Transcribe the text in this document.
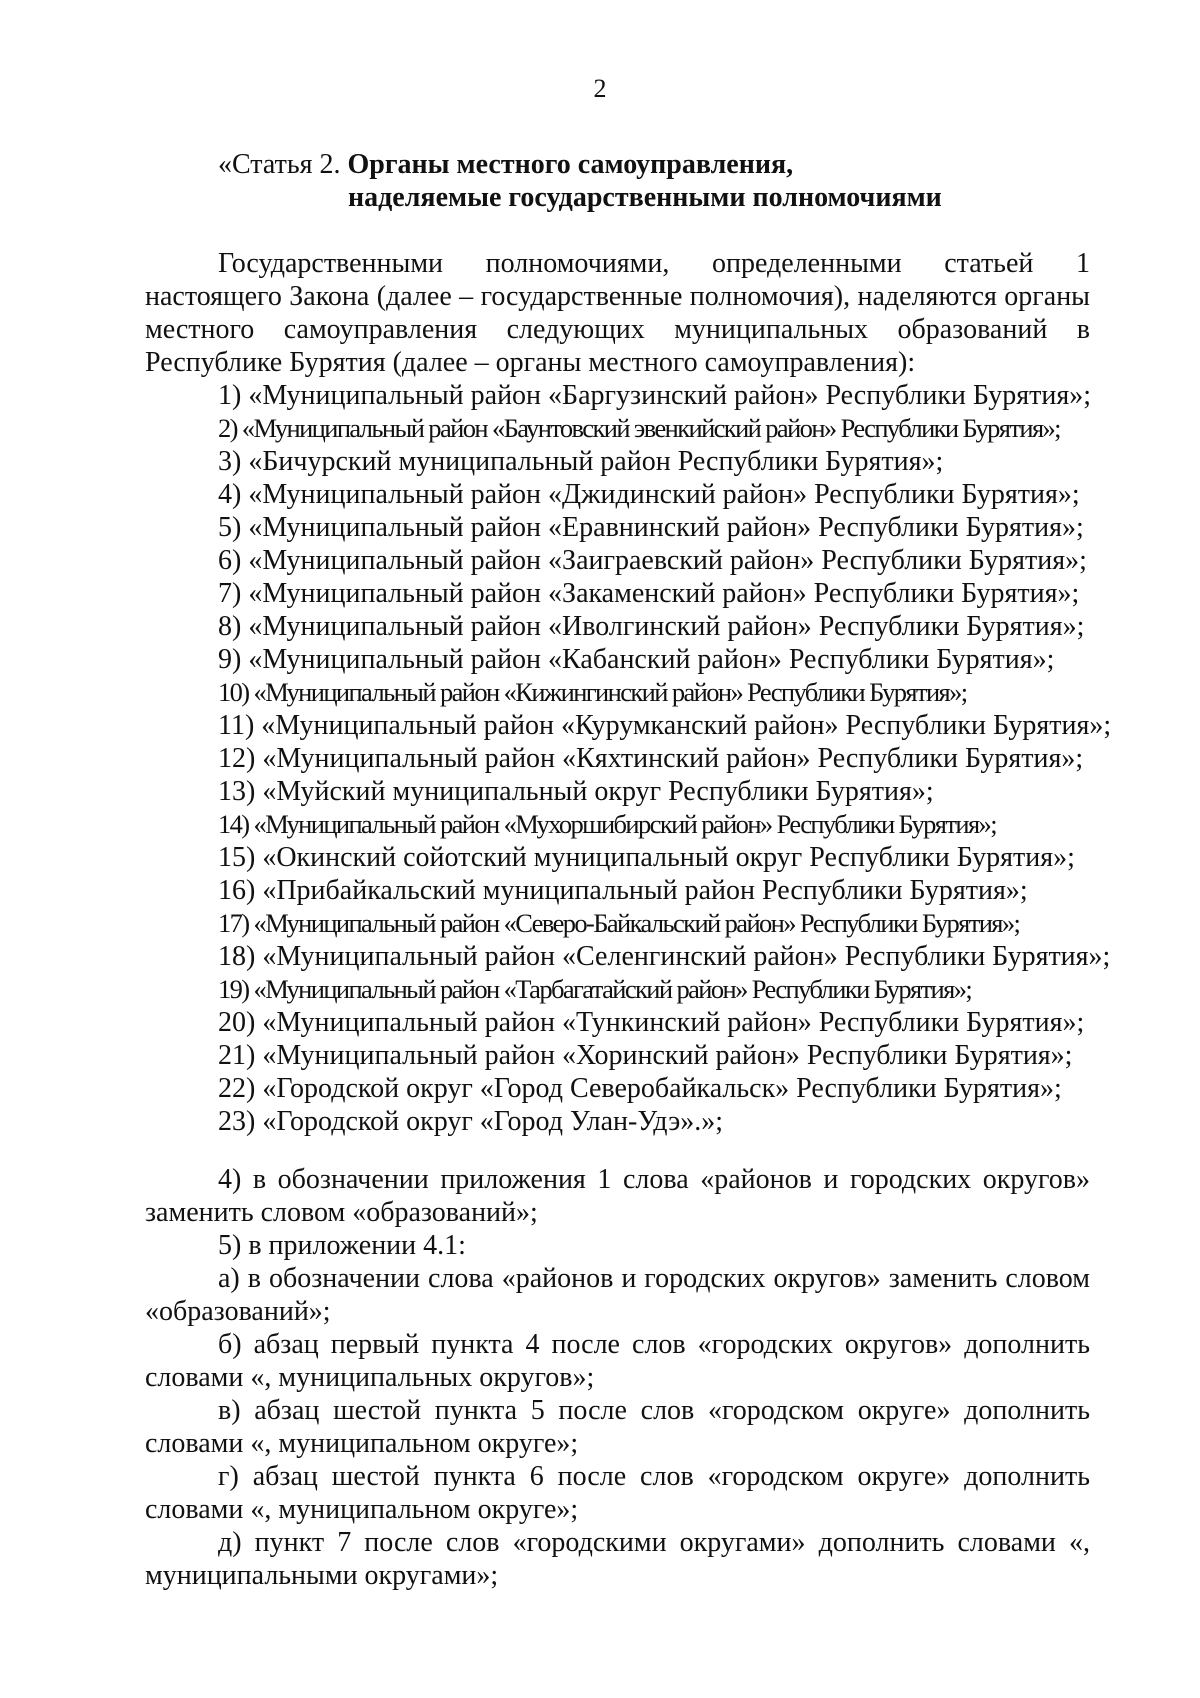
2
«Статья 2. Органы местного самоуправления,
наделяемые государственными полномочиями

Государственными полномочиями, определенными статьей 1 настоящего Закона (далее – государственные полномочия), наделяются органы местного самоуправления следующих муниципальных образований в Республике Бурятия (далее – органы местного самоуправления):

1) «Муниципальный район «Баргузинский район» Республики Бурятия»;
2) «Муниципальный район «Баунтовский эвенкийский район» Республики Бурятия»;
3) «Бичурский муниципальный район Республики Бурятия»;
4) «Муниципальный район «Джидинский район» Республики Бурятия»;
5) «Муниципальный район «Еравнинский район» Республики Бурятия»;
6) «Муниципальный район «Заиграевский район» Республики Бурятия»;
7) «Муниципальный район «Закаменский район» Республики Бурятия»;
8) «Муниципальный район «Иволгинский район» Республики Бурятия»;
9) «Муниципальный район «Кабанский район» Республики Бурятия»;
10) «Муниципальный район «Кижингинский район» Республики Бурятия»;
11) «Муниципальный район «Курумканский район» Республики Бурятия»;
12) «Муниципальный район «Кяхтинский район» Республики Бурятия»;
13) «Муйский муниципальный округ Республики Бурятия»;
14) «Муниципальный район «Мухоршибирский район» Республики Бурятия»;
15) «Окинский сойотский муниципальный округ Республики Бурятия»;
16) «Прибайкальский муниципальный район Республики Бурятия»;
17) «Муниципальный район «Северо-Байкальский район» Республики Бурятия»;
18) «Муниципальный район «Селенгинский район» Республики Бурятия»;
19) «Муниципальный район «Тарбагатайский район» Республики Бурятия»;
20) «Муниципальный район «Тункинский район» Республики Бурятия»;
21) «Муниципальный район «Хоринский район» Республики Бурятия»;
22) «Городской округ «Город Северобайкальск» Республики Бурятия»;
23) «Городской округ «Город Улан-Удэ».»;

4) в обозначении приложения 1 слова «районов и городских округов» заменить словом «образований»;

5) в приложении 4.1:

а) в обозначении слова «районов и городских округов» заменить словом «образований»;

б) абзац первый пункта 4 после слов «городских округов» дополнить словами «, муниципальных округов»;

в) абзац шестой пункта 5 после слов «городском округе» дополнить словами «, муниципальном округе»;

г) абзац шестой пункта 6 после слов «городском округе» дополнить словами «, муниципальном округе»;

д) пункт 7 после слов «городскими округами» дополнить словами «, муниципальными округами»;
